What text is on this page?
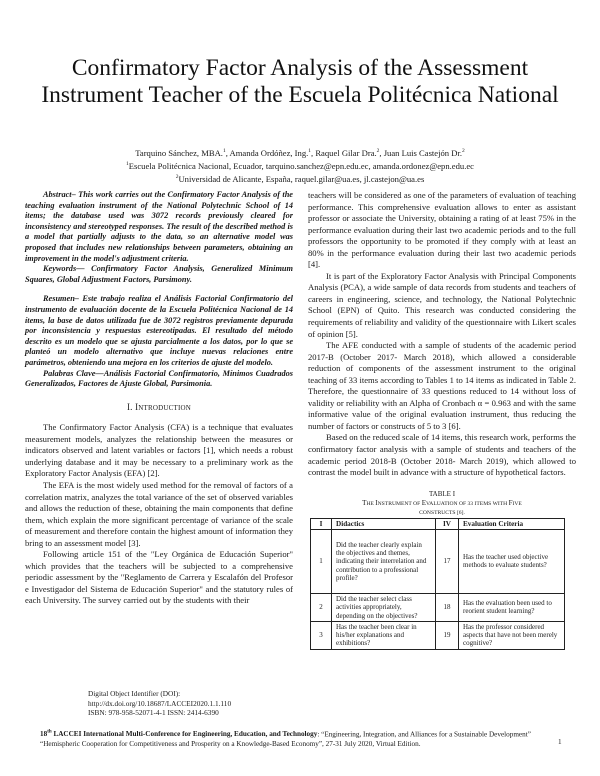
Confirmatory Factor Analysis of the Assessment Instrument Teacher of the Escuela Politécnica National
Tarquino Sánchez, MBA.$^1$, Amanda Ordóñez, Ing.$^1$, Raquel Gilar Dra.$^2$, Juan Luis Castejón Dr.$^2$
$^1$Escuela Politécnica Nacional, Ecuador, tarquino.sanchez@epn.edu.ec, amanda.ordonez@epn.edu.ec
$^2$Universidad de Alicante, España, raquel.gilar@ua.es, jl.castejon@ua.es

Abstract– This work carries out the Confirmatory Factor Analysis of the teaching evaluation instrument of the National Polytechnic School of 14 items; the database used was 3072 records previously cleared for inconsistency and stereotyped responses. The result of the described method is a model that partially adjusts to the data, so an alternative model was proposed that includes new relationships between parameters, obtaining an improvement in the model's adjustment criteria.

Keywords— Confirmatory Factor Analysis, Generalized Minimum Squares, Global Adjustment Factors, Parsimony.

Resumen– Este trabajo realiza el Análisis Factorial Confirmatorio del instrumento de evaluación docente de la Escuela Politécnica Nacional de 14 ítems, la base de datos utilizada fue de 3072 registros previamente depurada por inconsistencia y respuestas estereotipadas. El resultado del método descrito es un modelo que se ajusta parcialmente a los datos, por lo que se planteó un modelo alternativo que incluye nuevas relaciones entre parámetros, obteniendo una mejora en los criterios de ajuste del modelo.

Palabras Clave—Análisis Factorial Confirmatorio, Mínimos Cuadrados Generalizados, Factores de Ajuste Global, Parsimonia.

I. INTRODUCTION

The Confirmatory Factor Analysis (CFA) is a technique that evaluates measurement models, analyzes the relationship between the measures or indicators observed and latent variables or factors [1], which needs a robust underlying database and it may be necessary to a preliminary work as the Exploratory Factor Analysis (EFA) [2].

The EFA is the most widely used method for the removal of factors of a correlation matrix, analyzes the total variance of the set of observed variables and allows the reduction of these, obtaining the main components that define them, which explain the more significant percentage of variance of the scale of measurement and therefore contain the highest amount of information they bring to an assessment model [3].

Following article 151 of the "Ley Orgánica de Educación Superior" which provides that the teachers will be subjected to a comprehensive periodic assessment by the "Reglamento de Carrera y Escalafón del Profesor e Investigador del Sistema de Educación Superior" and the statutory rules of each University. The survey carried out by the students with their

teachers will be considered as one of the parameters of evaluation of teaching performance. This comprehensive evaluation allows to enter as assistant professor or associate the University, obtaining a rating of at least 75% in the performance evaluation during their last two academic periods and to the full professors the opportunity to be promoted if they comply with at least an 80% in the performance evaluation during their last two academic periods [4].

It is part of the Exploratory Factor Analysis with Principal Components Analysis (PCA), a wide sample of data records from students and teachers of careers in engineering, science, and technology, the National Polytechnic School (EPN) of Quito. This research was conducted considering the requirements of reliability and validity of the questionnaire with Likert scales of opinion [5].

The AFE conducted with a sample of students of the academic period 2017-B (October 2017- March 2018), which allowed a considerable reduction of components of the assessment instrument to the original teaching of 33 items according to Tables 1 to 14 items as indicated in Table 2. Therefore, the questionnaire of 33 questions reduced to 14 without loss of validity or reliability with an Alpha of Cronbach α = 0.963 and with the same informative value of the original evaluation instrument, thus reducing the number of factors or constructs of 5 to 3 [6].

Based on the reduced scale of 14 items, this research work, performs the confirmatory factor analysis with a sample of students and teachers of the academic period 2018-B (October 2018- March 2019), which allowed to contrast the model built in advance with a structure of hypothetical factors.

TABLE I
THE INSTRUMENT OF EVALUATION OF 33 ITEMS WITH FIVE
CONSTRUCTS [6].
I	Didactics	IV	Evaluation Criteria
1	Did the teacher clearly explain the objectives and themes, indicating their interrelation and contribution to a professional profile?	17	Has the teacher used objective methods to evaluate students?
2	Did the teacher select class activities appropriately, depending on the objectives?	18	Has the evaluation been used to reorient student learning?
3	Has the teacher been clear in his/her explanations and exhibitions?	19	Has the professor considered aspects that have not been merely cognitive?
Digital Object Identifier (DOI):
http://dx.doi.org/10.18687/LACCEI2020.1.1.110
ISBN: 978-958-52071-4-1 ISSN: 2414-6390
18th LACCEI International Multi-Conference for Engineering, Education, and Technology: “Engineering, Integration, and Alliances for a Sustainable Development” “Hemispheric Cooperation for Competitiveness and Prosperity on a Knowledge-Based Economy”, 27-31 July 2020, Virtual Edition.	1
